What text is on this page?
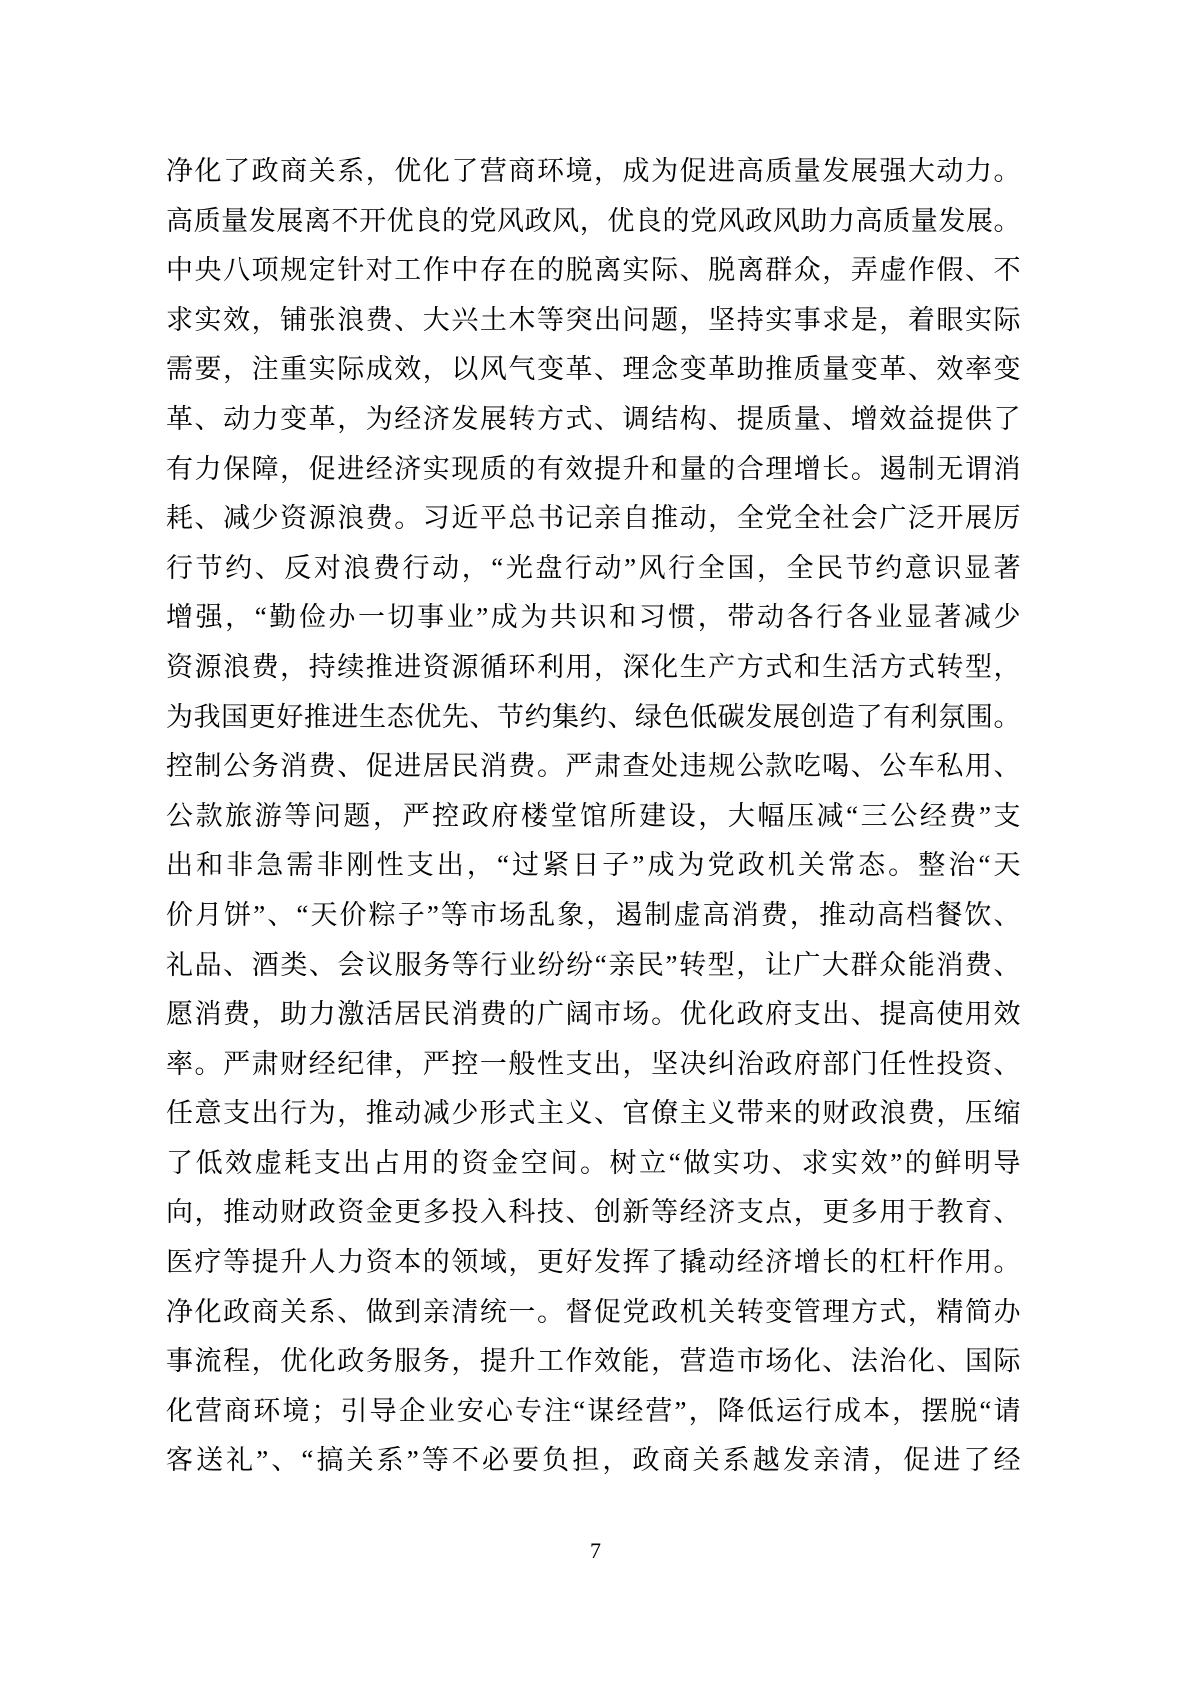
净化了政商关系，优化了营商环境，成为促进高质量发展强大动力。
高质量发展离不开优良的党风政风，优良的党风政风助力高质量发展。
中央八项规定针对工作中存在的脱离实际、脱离群众，弄虚作假、不
求实效，铺张浪费、大兴土木等突出问题，坚持实事求是，着眼实际
需要，注重实际成效，以风气变革、理念变革助推质量变革、效率变
革、动力变革，为经济发展转方式、调结构、提质量、增效益提供了
有力保障，促进经济实现质的有效提升和量的合理增长。遏制无谓消
耗、减少资源浪费。习近平总书记亲自推动，全党全社会广泛开展厉
行节约、反对浪费行动，“光盘行动”风行全国，全民节约意识显著
增强，“勤俭办一切事业”成为共识和习惯，带动各行各业显著减少
资源浪费，持续推进资源循环利用，深化生产方式和生活方式转型，
为我国更好推进生态优先、节约集约、绿色低碳发展创造了有利氛围。
控制公务消费、促进居民消费。严肃查处违规公款吃喝、公车私用、
公款旅游等问题，严控政府楼堂馆所建设，大幅压减“三公经费”支
出和非急需非刚性支出，“过紧日子”成为党政机关常态。整治“天
价月饼”、“天价粽子”等市场乱象，遏制虚高消费，推动高档餐饮、
礼品、酒类、会议服务等行业纷纷“亲民”转型，让广大群众能消费、
愿消费，助力激活居民消费的广阔市场。优化政府支出、提高使用效
率。严肃财经纪律，严控一般性支出，坚决纠治政府部门任性投资、
任意支出行为，推动减少形式主义、官僚主义带来的财政浪费，压缩
了低效虚耗支出占用的资金空间。树立“做实功、求实效”的鲜明导
向，推动财政资金更多投入科技、创新等经济支点，更多用于教育、
医疗等提升人力资本的领域，更好发挥了撬动经济增长的杠杆作用。
净化政商关系、做到亲清统一。督促党政机关转变管理方式，精简办
事流程，优化政务服务，提升工作效能，营造市场化、法治化、国际
化营商环境；引导企业安心专注“谋经营”，降低运行成本，摆脱“请
客送礼”、“搞关系”等不必要负担，政商关系越发亲清，促进了经
7
